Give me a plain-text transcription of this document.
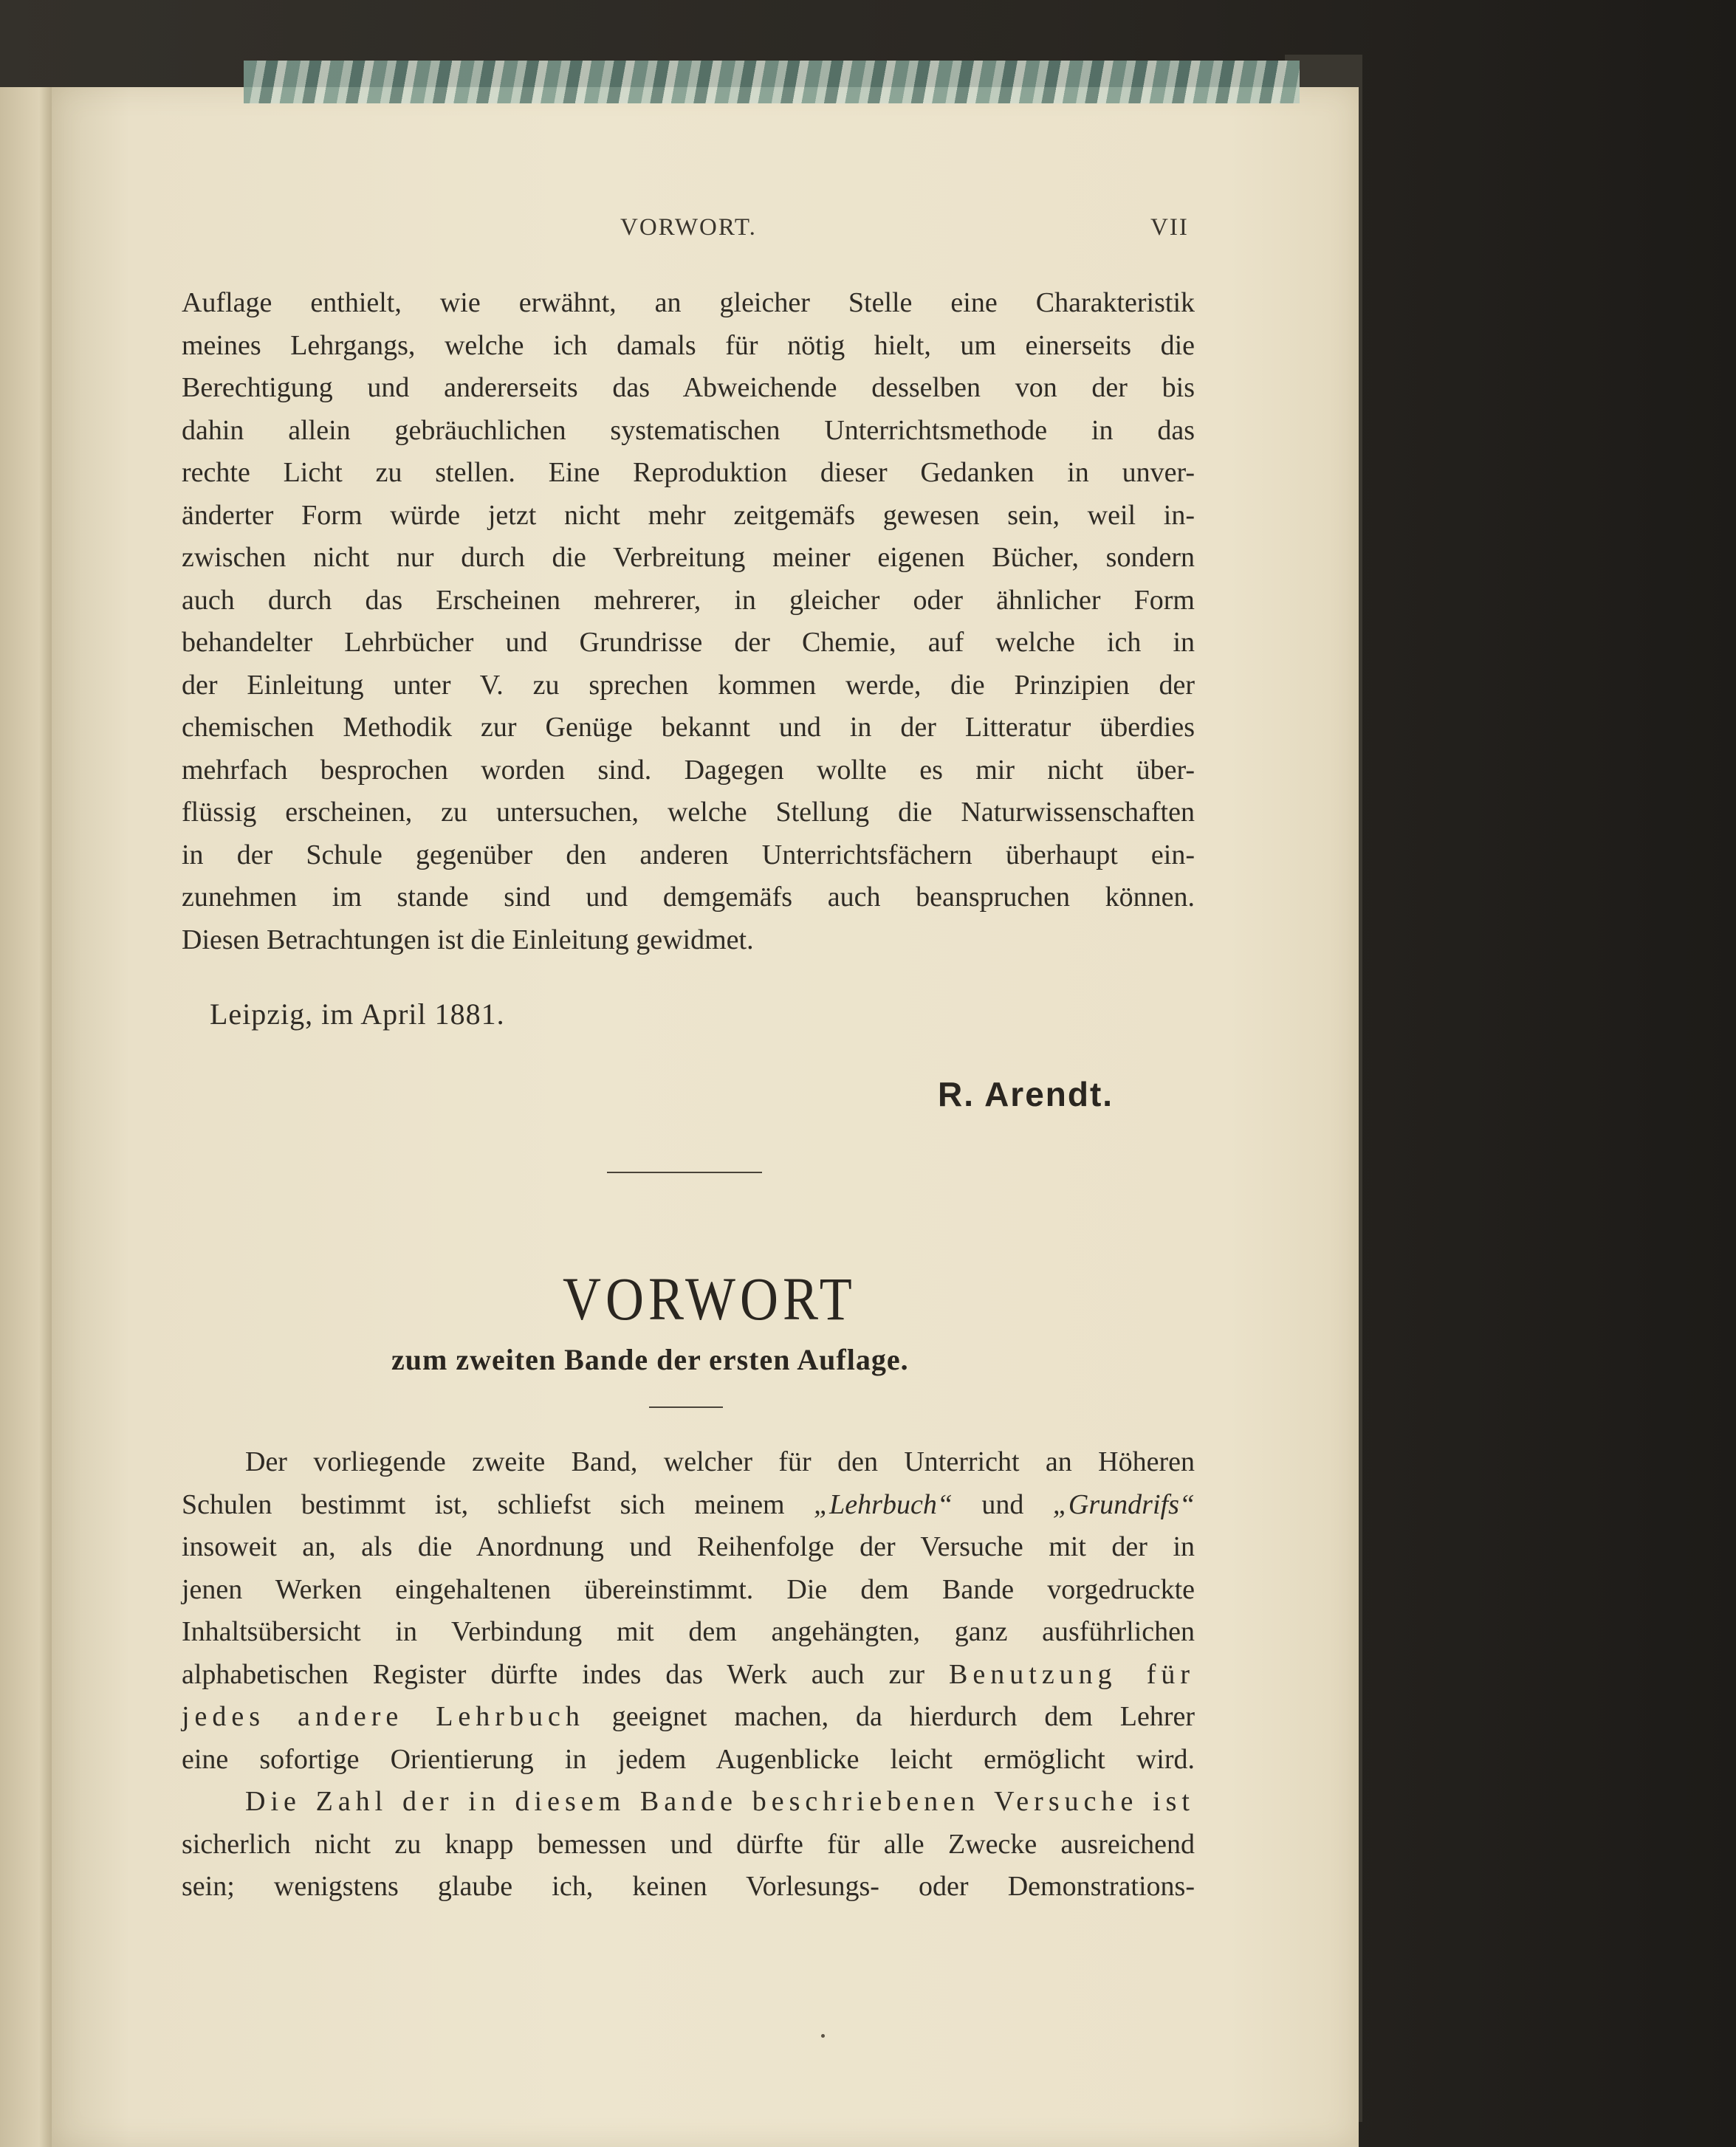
VORWORT.	VII
Auflage enthielt, wie erwähnt, an gleicher Stelle eine Charakteristik
meines Lehrgangs, welche ich damals für nötig hielt, um einerseits die
Berechtigung und andererseits das Abweichende desselben von der bis
dahin allein gebräuchlichen systematischen Unterrichtsmethode in das
rechte Licht zu stellen. Eine Reproduktion dieser Gedanken in unver-
änderter Form würde jetzt nicht mehr zeitgemäfs gewesen sein, weil in-
zwischen nicht nur durch die Verbreitung meiner eigenen Bücher, sondern
auch durch das Erscheinen mehrerer, in gleicher oder ähnlicher Form
behandelter Lehrbücher und Grundrisse der Chemie, auf welche ich in
der Einleitung unter V. zu sprechen kommen werde, die Prinzipien der
chemischen Methodik zur Genüge bekannt und in der Litteratur überdies
mehrfach besprochen worden sind. Dagegen wollte es mir nicht über-
flüssig erscheinen, zu untersuchen, welche Stellung die Naturwissenschaften
in der Schule gegenüber den anderen Unterrichtsfächern überhaupt ein-
zunehmen im stande sind und demgemäfs auch beanspruchen können.
Diesen Betrachtungen ist die Einleitung gewidmet.
Leipzig, im April 1881.
R. Arendt.
VORWORT
zum zweiten Bande der ersten Auflage.
Der vorliegende zweite Band, welcher für den Unterricht an Höheren
Schulen bestimmt ist, schliefst sich meinem „Lehrbuch“ und „Grundrifs“
insoweit an, als die Anordnung und Reihenfolge der Versuche mit der in
jenen Werken eingehaltenen übereinstimmt. Die dem Bande vorgedruckte
Inhaltsübersicht in Verbindung mit dem angehängten, ganz ausführlichen
alphabetischen Register dürfte indes das Werk auch zur Benutzung für
jedes andere Lehrbuch geeignet machen, da hierdurch dem Lehrer
eine sofortige Orientierung in jedem Augenblicke leicht ermöglicht wird.
Die Zahl der in diesem Bande beschriebenen Versuche ist
sicherlich nicht zu knapp bemessen und dürfte für alle Zwecke ausreichend
sein; wenigstens glaube ich, keinen Vorlesungs- oder Demonstrations-
